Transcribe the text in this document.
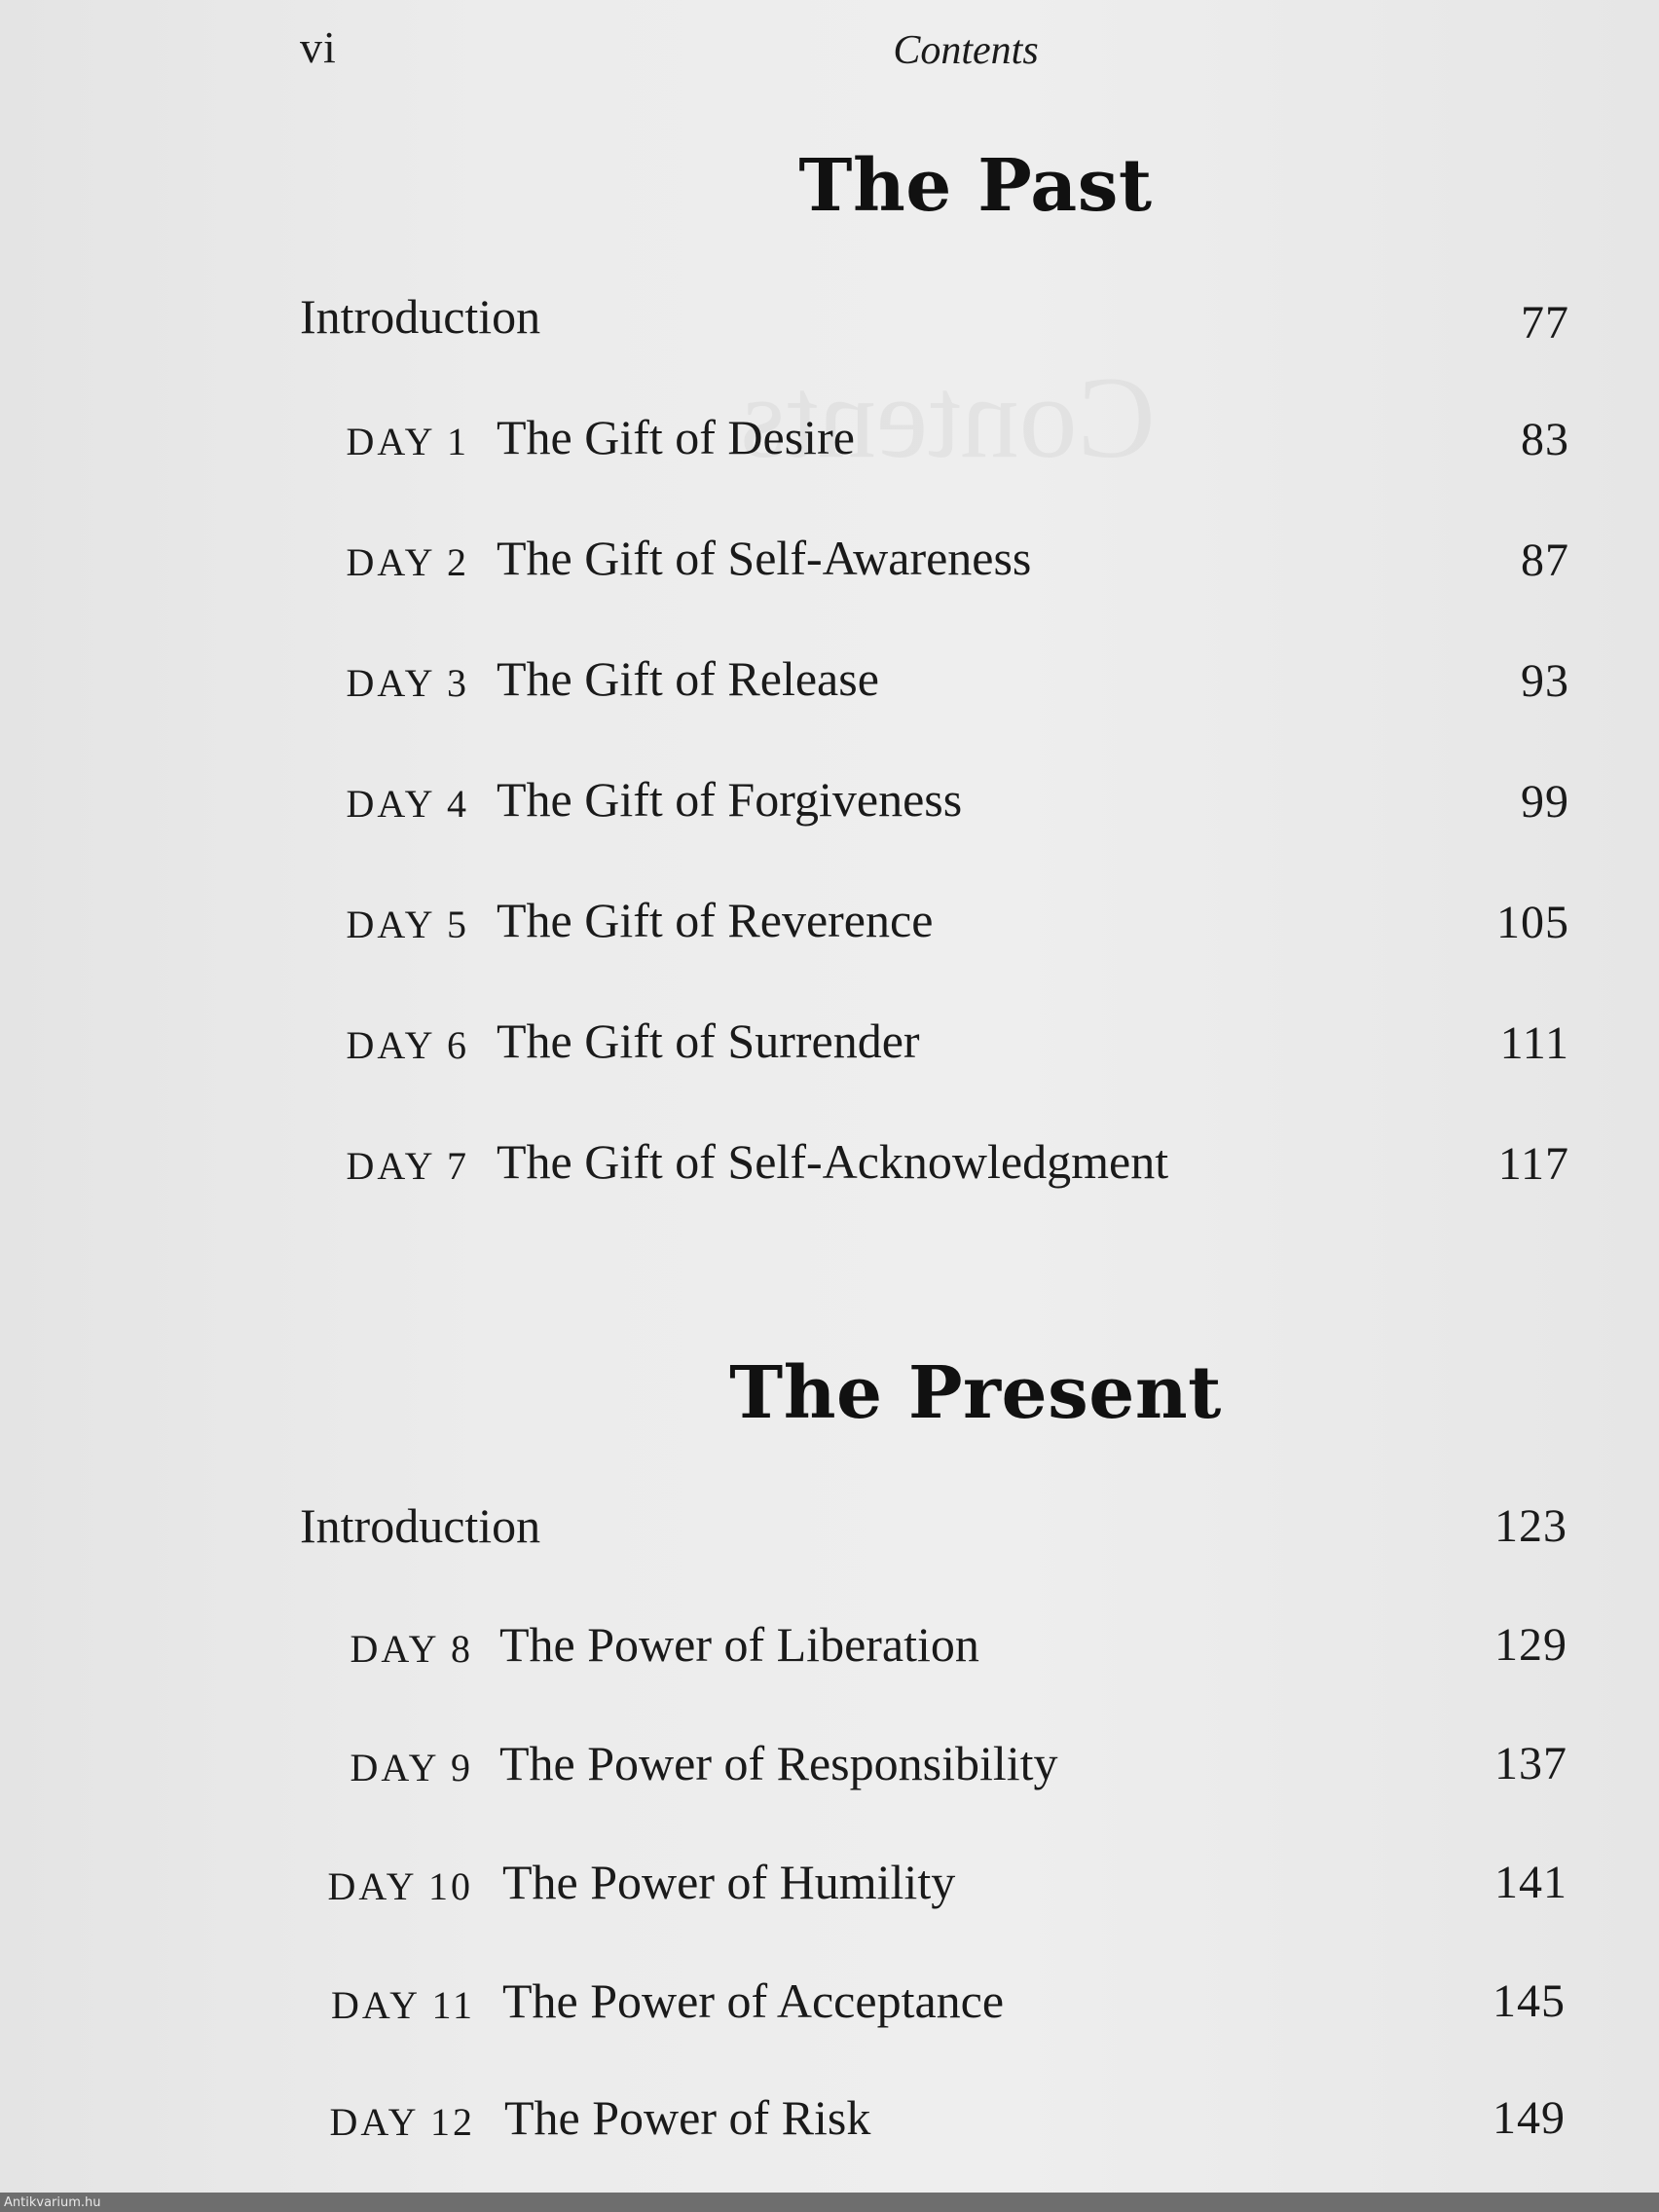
vi	Contents
The Past
Introduction	77
DAY 1 The Gift of Desire	83
DAY 2 The Gift of Self-Awareness	87
DAY 3 The Gift of Release	93
DAY 4 The Gift of Forgiveness	99
DAY 5 The Gift of Reverence	105
DAY 6 The Gift of Surrender	111
DAY 7 The Gift of Self-Acknowledgment	117
The Present
Introduction	123
DAY 8 The Power of Liberation	129
DAY 9 The Power of Responsibility	137
DAY 10 The Power of Humility	141
DAY 11 The Power of Acceptance	145
DAY 12 The Power of Risk	149
Antikvarium.hu
